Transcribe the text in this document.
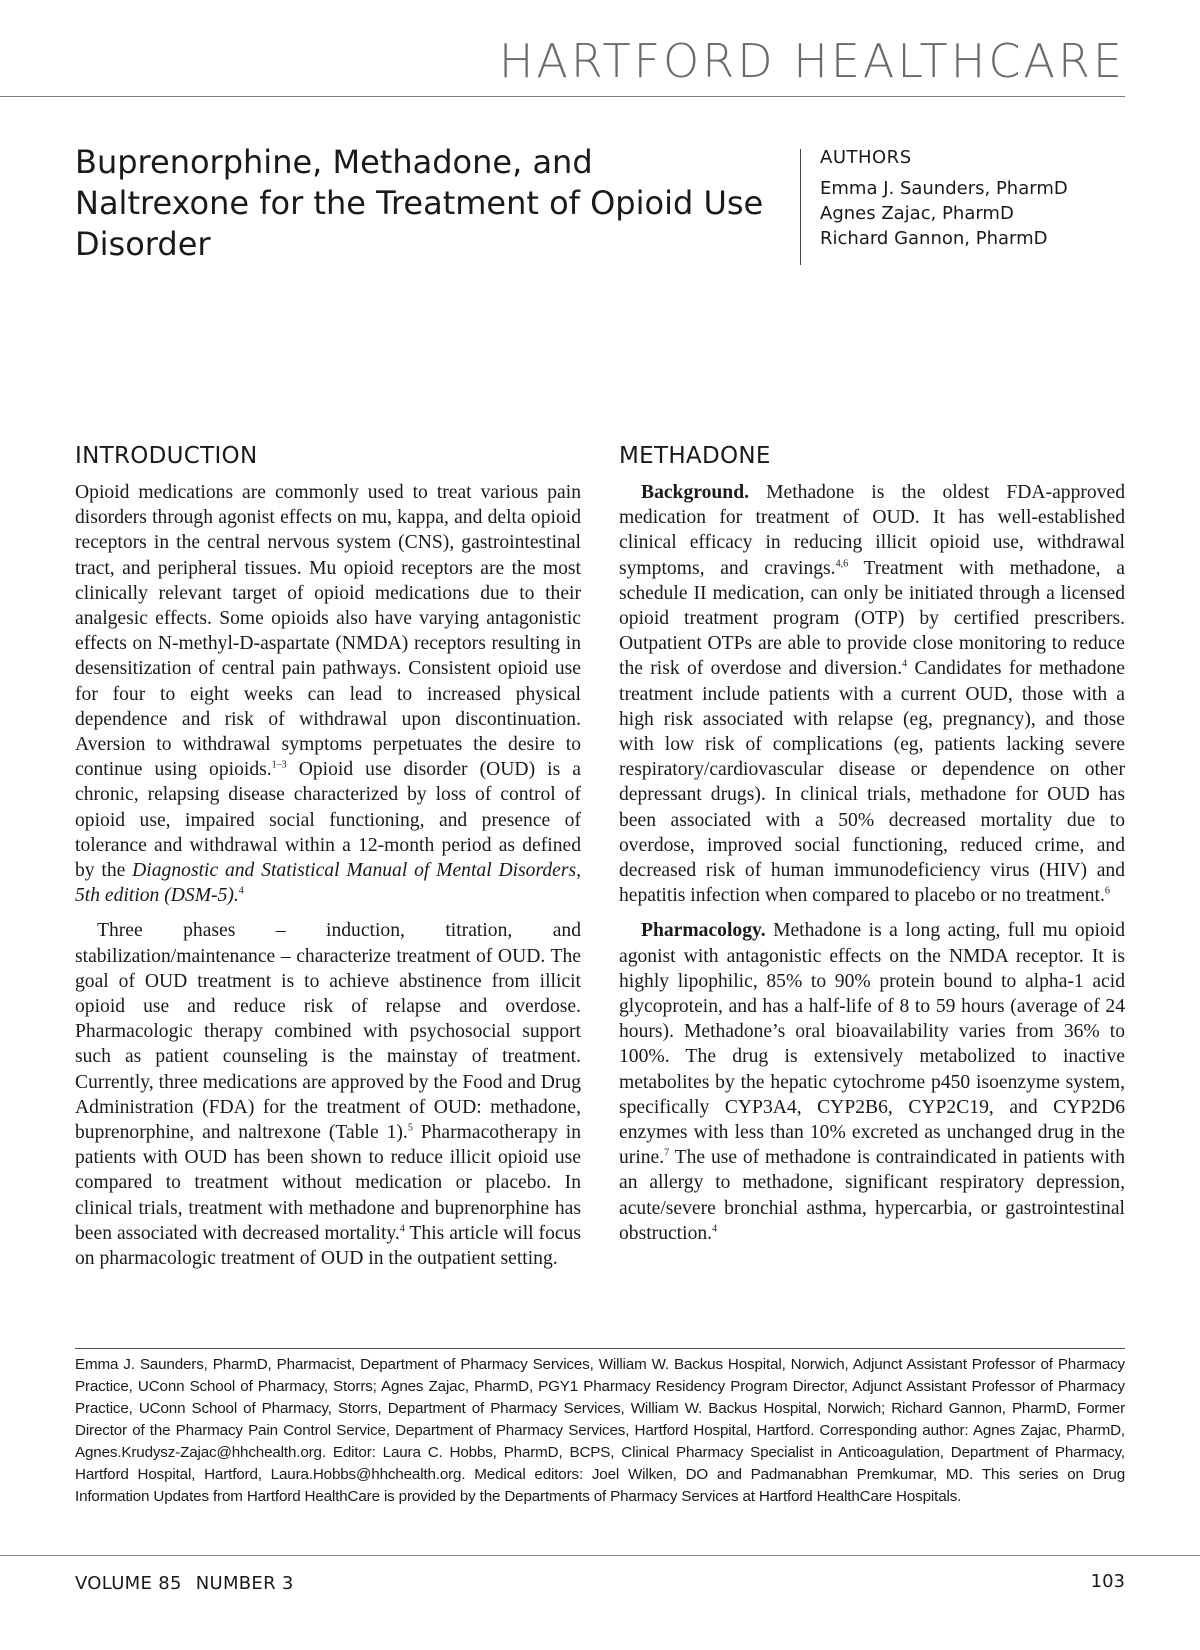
HARTFORD HEALTHCARE
Buprenorphine, Methadone, and Naltrexone for the Treatment of Opioid Use Disorder
AUTHORS
Emma J. Saunders, PharmD
Agnes Zajac, PharmD
Richard Gannon, PharmD
INTRODUCTION

Opioid medications are commonly used to treat various pain disorders through agonist effects on mu, kappa, and delta opioid receptors in the central nervous system (CNS), gastrointestinal tract, and peripheral tissues. Mu opioid receptors are the most clinically relevant target of opioid medications due to their analgesic effects. Some opioids also have varying antagonistic effects on N-methyl-D-aspartate (NMDA) receptors resulting in desensitization of central pain pathways. Consistent opioid use for four to eight weeks can lead to increased physical dependence and risk of withdrawal upon discontinuation. Aversion to withdrawal symptoms perpetuates the desire to continue using opioids.$^{1-3}$ Opioid use disorder (OUD) is a chronic, relapsing disease characterized by loss of control of opioid use, impaired social functioning, and presence of tolerance and withdrawal within a 12-month period as defined by the Diagnostic and Statistical Manual of Mental Disorders, 5th edition (DSM-5).$^4$

Three phases – induction, titration, and stabilization/maintenance – characterize treatment of OUD. The goal of OUD treatment is to achieve abstinence from illicit opioid use and reduce risk of relapse and overdose. Pharmacologic therapy combined with psychosocial support such as patient counseling is the mainstay of treatment. Currently, three medications are approved by the Food and Drug Administration (FDA) for the treatment of OUD: methadone, buprenorphine, and naltrexone (Table 1).$^5$ Pharmacotherapy in patients with OUD has been shown to reduce illicit opioid use compared to treatment without medication or placebo. In clinical trials, treatment with methadone and buprenorphine has been associated with decreased mortality.$^4$ This article will focus on pharmacologic treatment of OUD in the outpatient setting.

METHADONE

Background. Methadone is the oldest FDA-approved medication for treatment of OUD. It has well-established clinical efficacy in reducing illicit opioid use, withdrawal symptoms, and cravings.$^{4,6}$ Treatment with methadone, a schedule II medication, can only be initiated through a licensed opioid treatment program (OTP) by certified prescribers. Outpatient OTPs are able to provide close monitoring to reduce the risk of overdose and diversion.$^4$ Candidates for methadone treatment include patients with a current OUD, those with a high risk associated with relapse (eg, pregnancy), and those with low risk of complications (eg, patients lacking severe respiratory/cardiovascular disease or dependence on other depressant drugs). In clinical trials, methadone for OUD has been associated with a 50% decreased mortality due to overdose, improved social functioning, reduced crime, and decreased risk of human immunodeficiency virus (HIV) and hepatitis infection when compared to placebo or no treatment.$^6$

Pharmacology. Methadone is a long acting, full mu opioid agonist with antagonistic effects on the NMDA receptor. It is highly lipophilic, 85% to 90% protein bound to alpha-1 acid glycoprotein, and has a half-life of 8 to 59 hours (average of 24 hours). Methadone’s oral bioavailability varies from 36% to 100%. The drug is extensively metabolized to inactive metabolites by the hepatic cytochrome p450 isoenzyme system, specifically CYP3A4, CYP2B6, CYP2C19, and CYP2D6 enzymes with less than 10% excreted as unchanged drug in the urine.$^7$ The use of methadone is contraindicated in patients with an allergy to methadone, significant respiratory depression, acute/severe bronchial asthma, hypercarbia, or gastrointestinal obstruction.$^4$

Emma J. Saunders, PharmD, Pharmacist, Department of Pharmacy Services, William W. Backus Hospital, Norwich, Adjunct Assistant Professor of Pharmacy Practice, UConn School of Pharmacy, Storrs; Agnes Zajac, PharmD, PGY1 Pharmacy Residency Program Director, Adjunct Assistant Professor of Pharmacy Practice, UConn School of Pharmacy, Storrs, Department of Pharmacy Services, William W. Backus Hospital, Norwich; Richard Gannon, PharmD, Former Director of the Pharmacy Pain Control Service, Department of Pharmacy Services, Hartford Hospital, Hartford. Corresponding author: Agnes Zajac, PharmD, Agnes.Krudysz-Zajac@hhchealth.org. Editor: Laura C. Hobbs, PharmD, BCPS, Clinical Pharmacy Specialist in Anticoagulation, Department of Pharmacy, Hartford Hospital, Hartford, Laura.Hobbs@hhchealth.org. Medical editors: Joel Wilken, DO and Padmanabhan Premkumar, MD. This series on Drug Information Updates from Hartford HealthCare is provided by the Departments of Pharmacy Services at Hartford HealthCare Hospitals.
VOLUME 85 NUMBER 3	103
